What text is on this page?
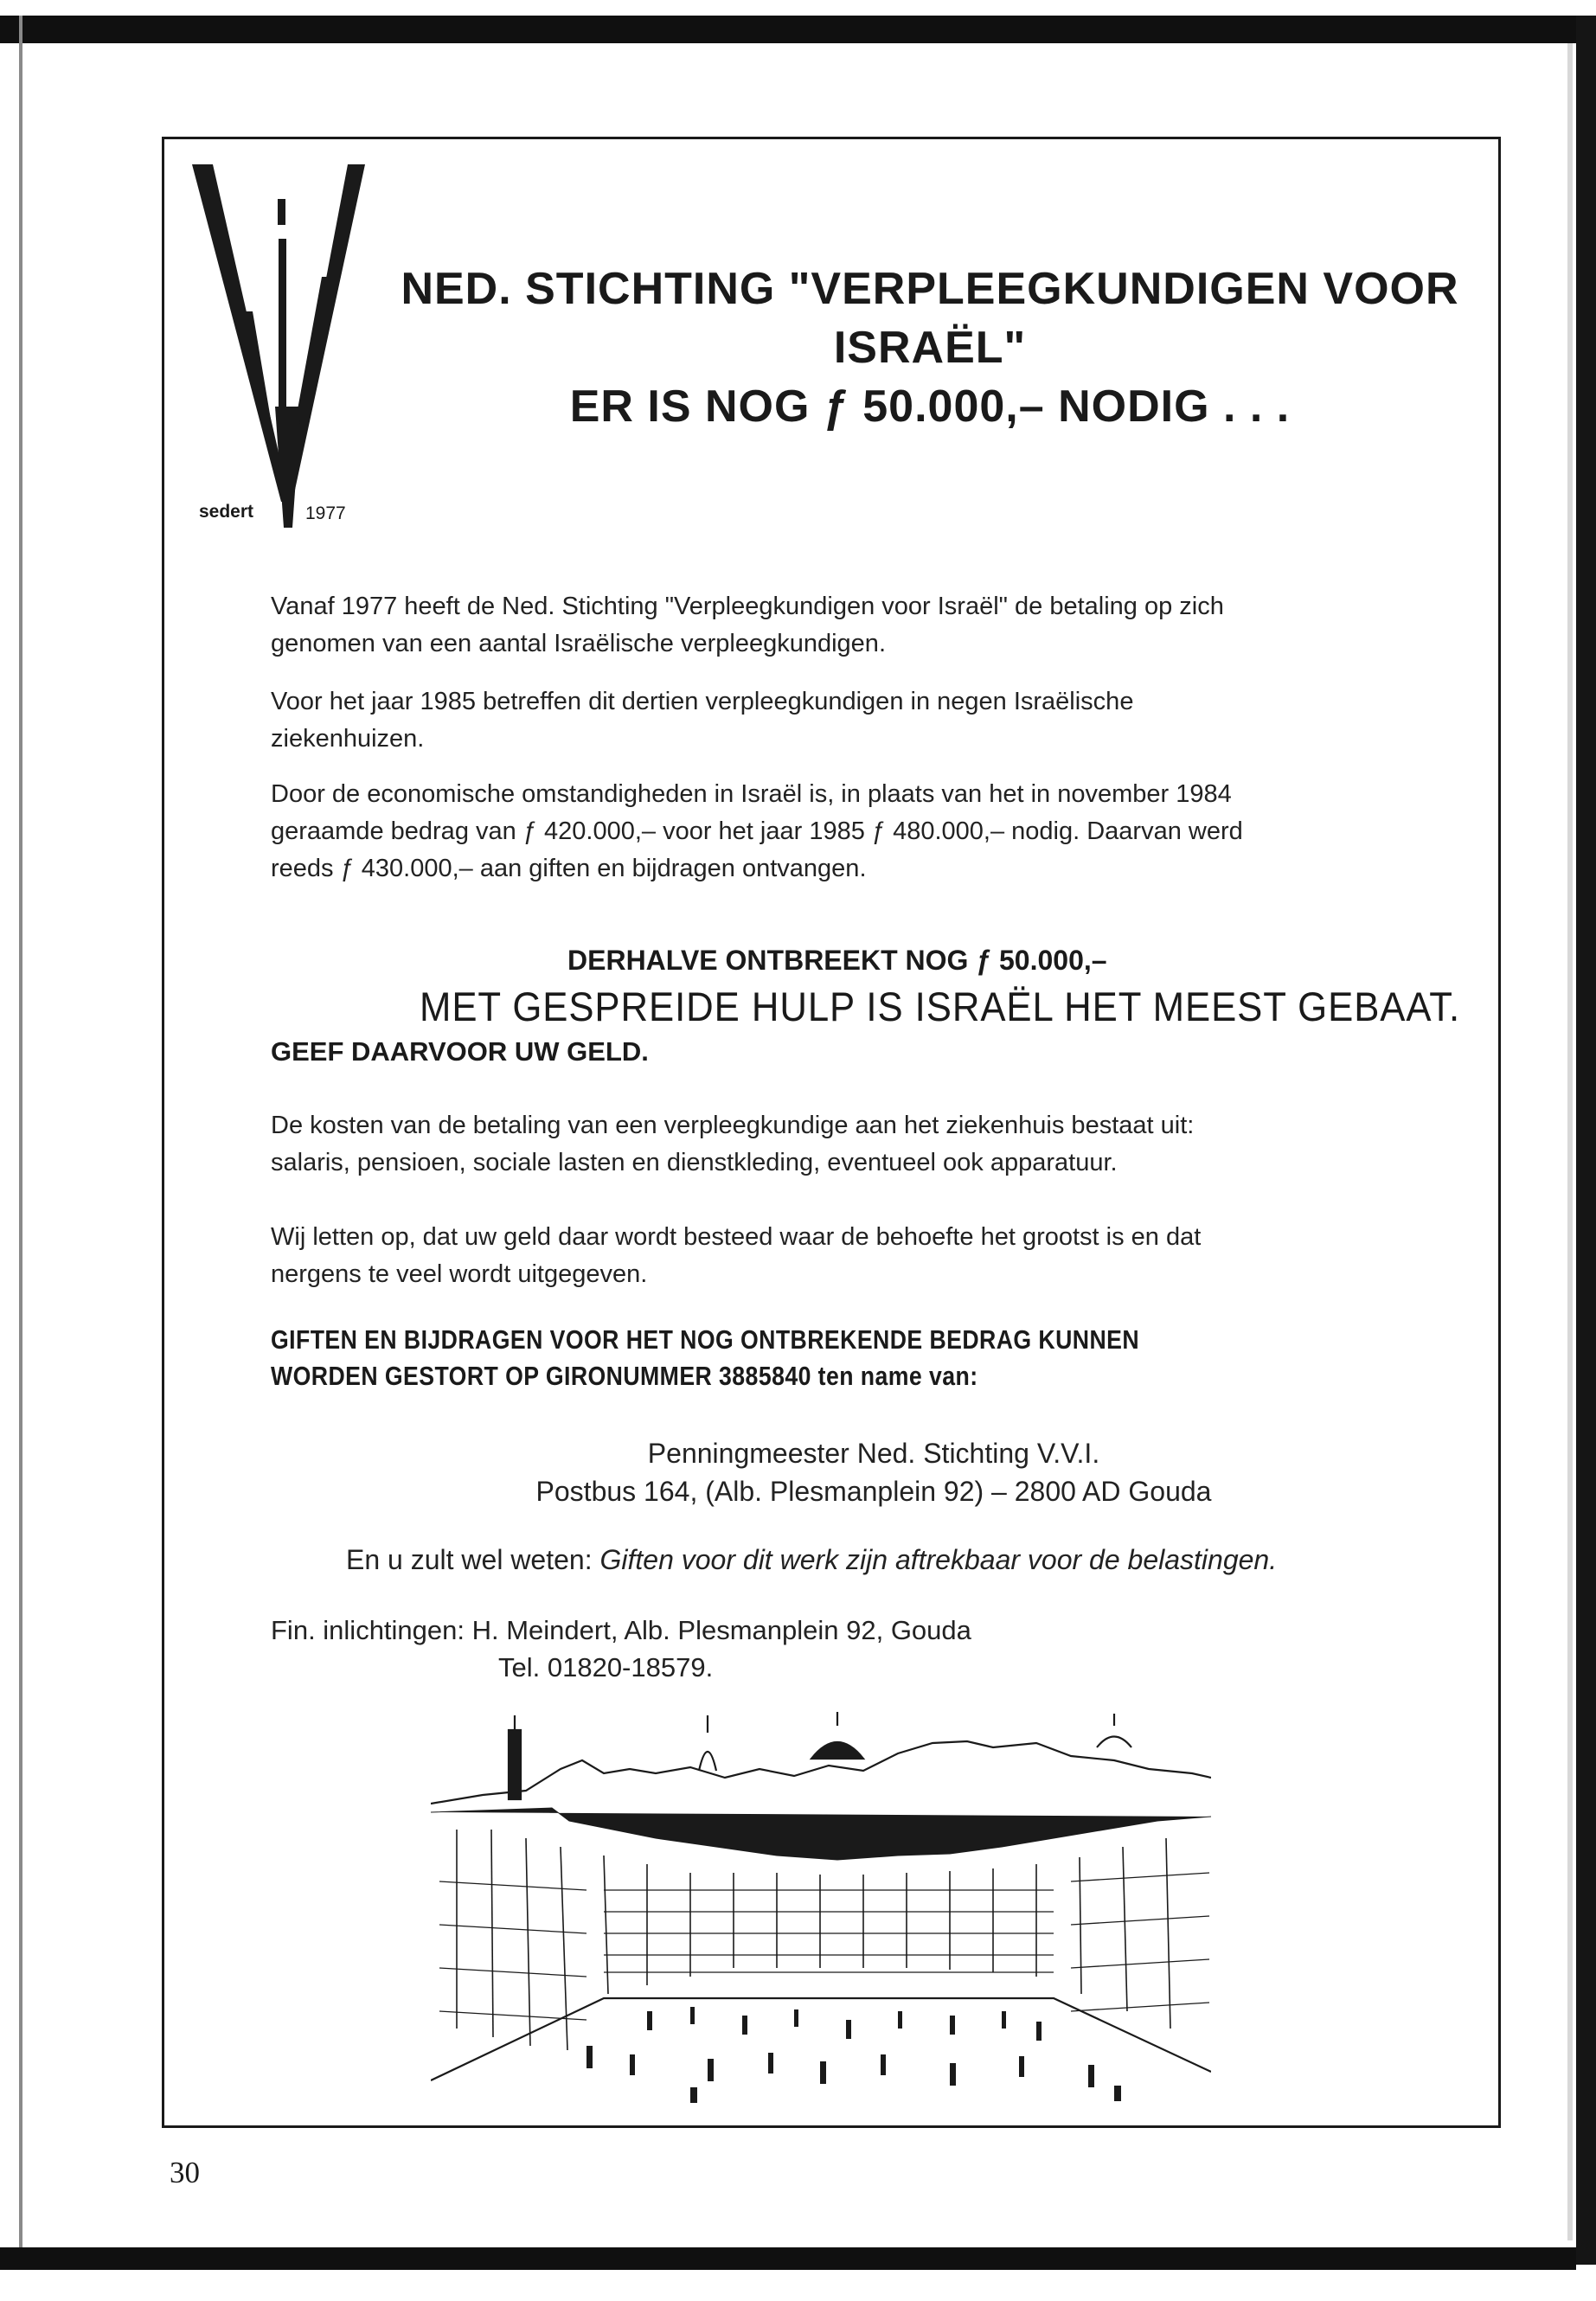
sedert	1977
NED. STICHTING "VERPLEEGKUNDIGEN VOOR
ISRAËL"
ER IS NOG ƒ 50.000,– NODIG . . .
Vanaf 1977 heeft de Ned. Stichting "Verpleegkundigen voor Israël" de betaling op zich genomen van een aantal Israëlische verpleegkundigen.
Voor het jaar 1985 betreffen dit dertien verpleegkundigen in negen Israëlische ziekenhuizen.
Door de economische omstandigheden in Israël is, in plaats van het in november 1984 geraamde bedrag van ƒ 420.000,– voor het jaar 1985 ƒ 480.000,– nodig. Daarvan werd reeds ƒ 430.000,– aan giften en bijdragen ontvangen.
DERHALVE ONTBREEKT NOG ƒ 50.000,–
MET GESPREIDE HULP IS ISRAËL HET MEEST GEBAAT.
GEEF DAARVOOR UW GELD.
De kosten van de betaling van een verpleegkundige aan het ziekenhuis bestaat uit: salaris, pensioen, sociale lasten en dienstkleding, eventueel ook apparatuur.
Wij letten op, dat uw geld daar wordt besteed waar de behoefte het grootst is en dat nergens te veel wordt uitgegeven.
GIFTEN EN BIJDRAGEN VOOR HET NOG ONTBREKENDE BEDRAG KUNNEN
WORDEN GESTORT OP GIRONUMMER 3885840 ten name van:
Penningmeester Ned. Stichting V.V.I.
Postbus 164, (Alb. Plesmanplein 92) – 2800 AD Gouda
En u zult wel weten: Giften voor dit werk zijn aftrekbaar voor de belastingen.
Fin. inlichtingen: H. Meindert, Alb. Plesmanplein 92, Gouda
Tel. 01820-18579.
30
